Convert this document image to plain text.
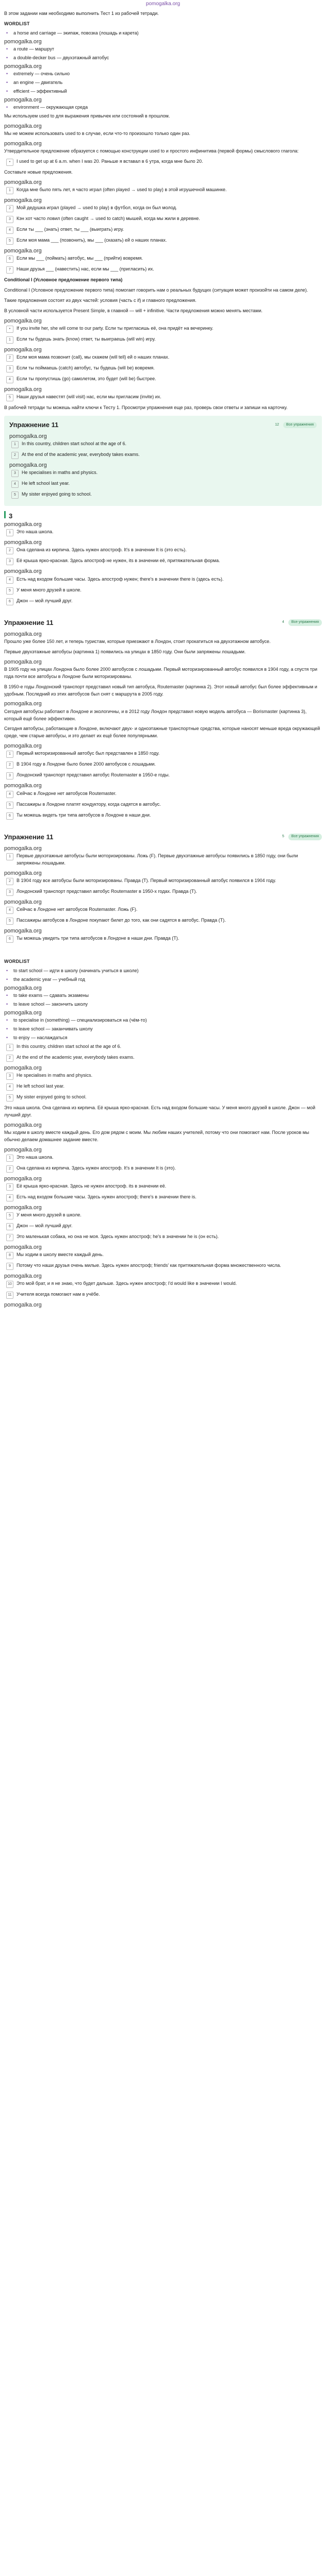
pomogalka.org

В этом задании нам необходимо выполнить Тест 1 из рабочей тетради.

WORDLIST
•	a horse and carriage — экипаж, повозка (лошадь и карета)
pomogalka.org
•	a route — маршрут
•	a double-decker bus — двухэтажный автобус
pomogalka.org
•	extremely — очень сильно
•	an engine — двигатель
•	efficient — эффективный
pomogalka.org
•	environment — окружающая среда

Мы используем used to для выражения привычек или состояний в прошлом.

pomogalka.org

Мы не можем использовать used to в случае, если что-то произошло только один раз.

pomogalka.org

Утвердительное предложение образуется с помощью конструкции used to и простого инфинитива (первой формы) смыслового глагола:

•	I used to get up at 6 a.m. when I was 20. Раньше я вставал в 6 утра, когда мне было 20.

Составьте новые предложения.

pomogalka.org
1	Когда мне было пять лет, я часто играл (often played → used to play) в этой игрушечной машинке.
pomogalka.org
2	Мой дедушка играл (played → used to play) в футбол, когда он был молод.
3	Кэн хот часто ловил (often caught → used to catch) мышей, когда мы жили в деревне.
4	Если ты ___ (знать) ответ, ты ___ (выиграть) игру.
5	Если моя мама ___ (позвонить), мы ___ (сказать) ей о наших планах.
pomogalka.org
6	Если мы ___ (поймать) автобус, мы ___ (прийти) вовремя.
7	Наши друзья ___ (навестить) нас, если мы ___ (пригласить) их.

Conditional I (Условное предложение первого типа)

Conditional I (Условное предложение первого типа) помогает говорить нам о реальных будущих (ситуация может произойти на самом деле).

Такие предложения состоят из двух частей: условия (часть с if) и главного предложения.

В условной части используется Present Simple, в главной — will + infinitive. Части предложения можно менять местами.

pomogalka.org
•	If you invite her, she will come to our party. Если ты пригласишь её, она придёт на вечеринку.
1	Если ты будешь знать (know) ответ, ты выиграешь (will win) игру.
pomogalka.org
2	Если моя мама позвонит (call), мы скажем (will tell) ей о наших планах.
3	Если ты поймаешь (catch) автобус, ты будешь (will be) вовремя.
4	Если ты пропустишь (go) самолетом, это будет (will be) быстрее.
pomogalka.org
5	Наши друзья навестят (will visit) нас, если мы пригласим (invite) их.

В рабочей тетради ты можешь найти ключи к Тесту 1. Просмотри упражнения еще раз, проверь свои ответы и запиши на карточку.

Упражнение 11	12	Все упражнения
pomogalka.org
1	In this country, children start school at the age of 6.
2	At the end of the academic year, everybody takes exams.
pomogalka.org
3	He specialises in maths and physics.
4	He left school last year.
5	My sister enjoyed going to school.
3
pomogalka.org
1	Это наша школа.
pomogalka.org
2	Она сделана из кирпича. Здесь нужен апостроф. It's в значении It is (это есть).
3	Её крыша ярко-красная. Здесь апостроф не нужен, its в значении её, притяжательная форма.
pomogalka.org
4	Есть над входом большие часы. Здесь апостроф нужен; there's в значении there is (здесь есть).
5	У меня много друзей в школе.
6	Джон — мой лучший друг.
Упражнение 11	4	Все упражнения
pomogalka.org

Прошло уже более 150 лет, и теперь туристам, которые приезжают в Лондон, стоит прокатиться на двухэтажном автобусе.

Первые двухэтажные автобусы (картинка 1) появились на улицах в 1850 году. Они были запряжены лошадьми.

pomogalka.org

В 1905 году на улицах Лондона было более 2000 автобусов с лошадьми. Первый моторизированный автобус появился в 1904 году, а спустя три года почти все автобусы в Лондоне были моторизированы.

В 1950-е годы Лондонский транспорт представил новый тип автобуса, Routemaster (картинка 2). Этот новый автобус был более эффективным и удобным. Последний из этих автобусов был снят с маршрута в 2005 году.

pomogalka.org

Сегодня автобусы работают в Лондоне и экологичны, и в 2012 году Лондон представил новую модель автобуса — Borismaster (картинка 3), который ещё более эффективен.

Сегодня автобусы, работающие в Лондоне, включают двух- и одноэтажные транспортные средства, которые наносят меньше вреда окружающей среде, чем старые автобусы, и это делает их ещё более популярными.

pomogalka.org
1	Первый моторизированный автобус был представлен в 1850 году.
2	В 1904 году в Лондоне было более 2000 автобусов с лошадьми.
3	Лондонский транспорт представил автобус Routemaster в 1950-е годы.
pomogalka.org
4	Сейчас в Лондоне нет автобусов Routemaster.
5	Пассажиры в Лондоне платят кондуктору, когда садятся в автобус.
6	Ты можешь видеть три типа автобусов в Лондоне в наши дни.
Упражнение 11	5	Все упражнения
pomogalka.org
1	Первые двухэтажные автобусы были моторизированы. Ложь (F). Первые двухэтажные автобусы появились в 1850 году, они были запряжены лошадьми.
pomogalka.org
2	В 1904 году все автобусы были моторизированы. Правда (T). Первый моторизированный автобус появился в 1904 году.
3	Лондонский транспорт представил автобус Routemaster в 1950-х годах. Правда (T).
pomogalka.org
4	Сейчас в Лондоне нет автобусов Routemaster. Ложь (F).
5	Пассажиры автобусов в Лондоне покупают билет до того, как они садятся в автобус. Правда (T).
pomogalka.org
6	Ты можешь увидеть три типа автобусов в Лондоне в наши дни. Правда (T).
WORDLIST
•	to start school — идти в школу (начинать учиться в школе)
•	the academic year — учебный год
pomogalka.org
•	to take exams — сдавать экзамены
•	to leave school — закончить школу
pomogalka.org
•	to specialise in (something) — специализироваться на (чём-то)
•	to leave school — заканчивать школу
•	to enjoy — наслаждаться
1	In this country, children start school at the age of 6.
2	At the end of the academic year, everybody takes exams.
pomogalka.org
3	He specialises in maths and physics.
4	He left school last year.
5	My sister enjoyed going to school.

Это наша школа. Она сделана из кирпича. Её крыша ярко-красная. Есть над входом большие часы. У меня много друзей в школе. Джон — мой лучший друг.

pomogalka.org

Мы ходим в школу вместе каждый день. Его дом рядом с моим. Мы любим наших учителей, потому что они помогают нам. После уроков мы обычно делаем домашнее задание вместе.

pomogalka.org
1	Это наша школа.
2	Она сделана из кирпича. Здесь нужен апостроф. It's в значении It is (это).
pomogalka.org
3	Её крыша ярко-красная. Здесь не нужен апостроф. its в значении её.
4	Есть над входом большие часы. Здесь нужен апостроф; there's в значении there is.
pomogalka.org
5	У меня много друзей в школе.
6	Джон — мой лучший друг.
7	Это маленькая собака, но она не моя. Здесь нужен апостроф; he's в значении he is (он есть).
pomogalka.org
8	Мы ходим в школу вместе каждый день.
9	Потому что наши друзья очень милые. Здесь нужен апостроф; friends' как притяжательная форма множественного числа.
pomogalka.org
10	Это мой брат, и я не знаю, что будет дальше. Здесь нужен апостроф; I'd would like в значении I would.
11	Учителя всегда помогают нам в учёбе.
pomogalka.org
